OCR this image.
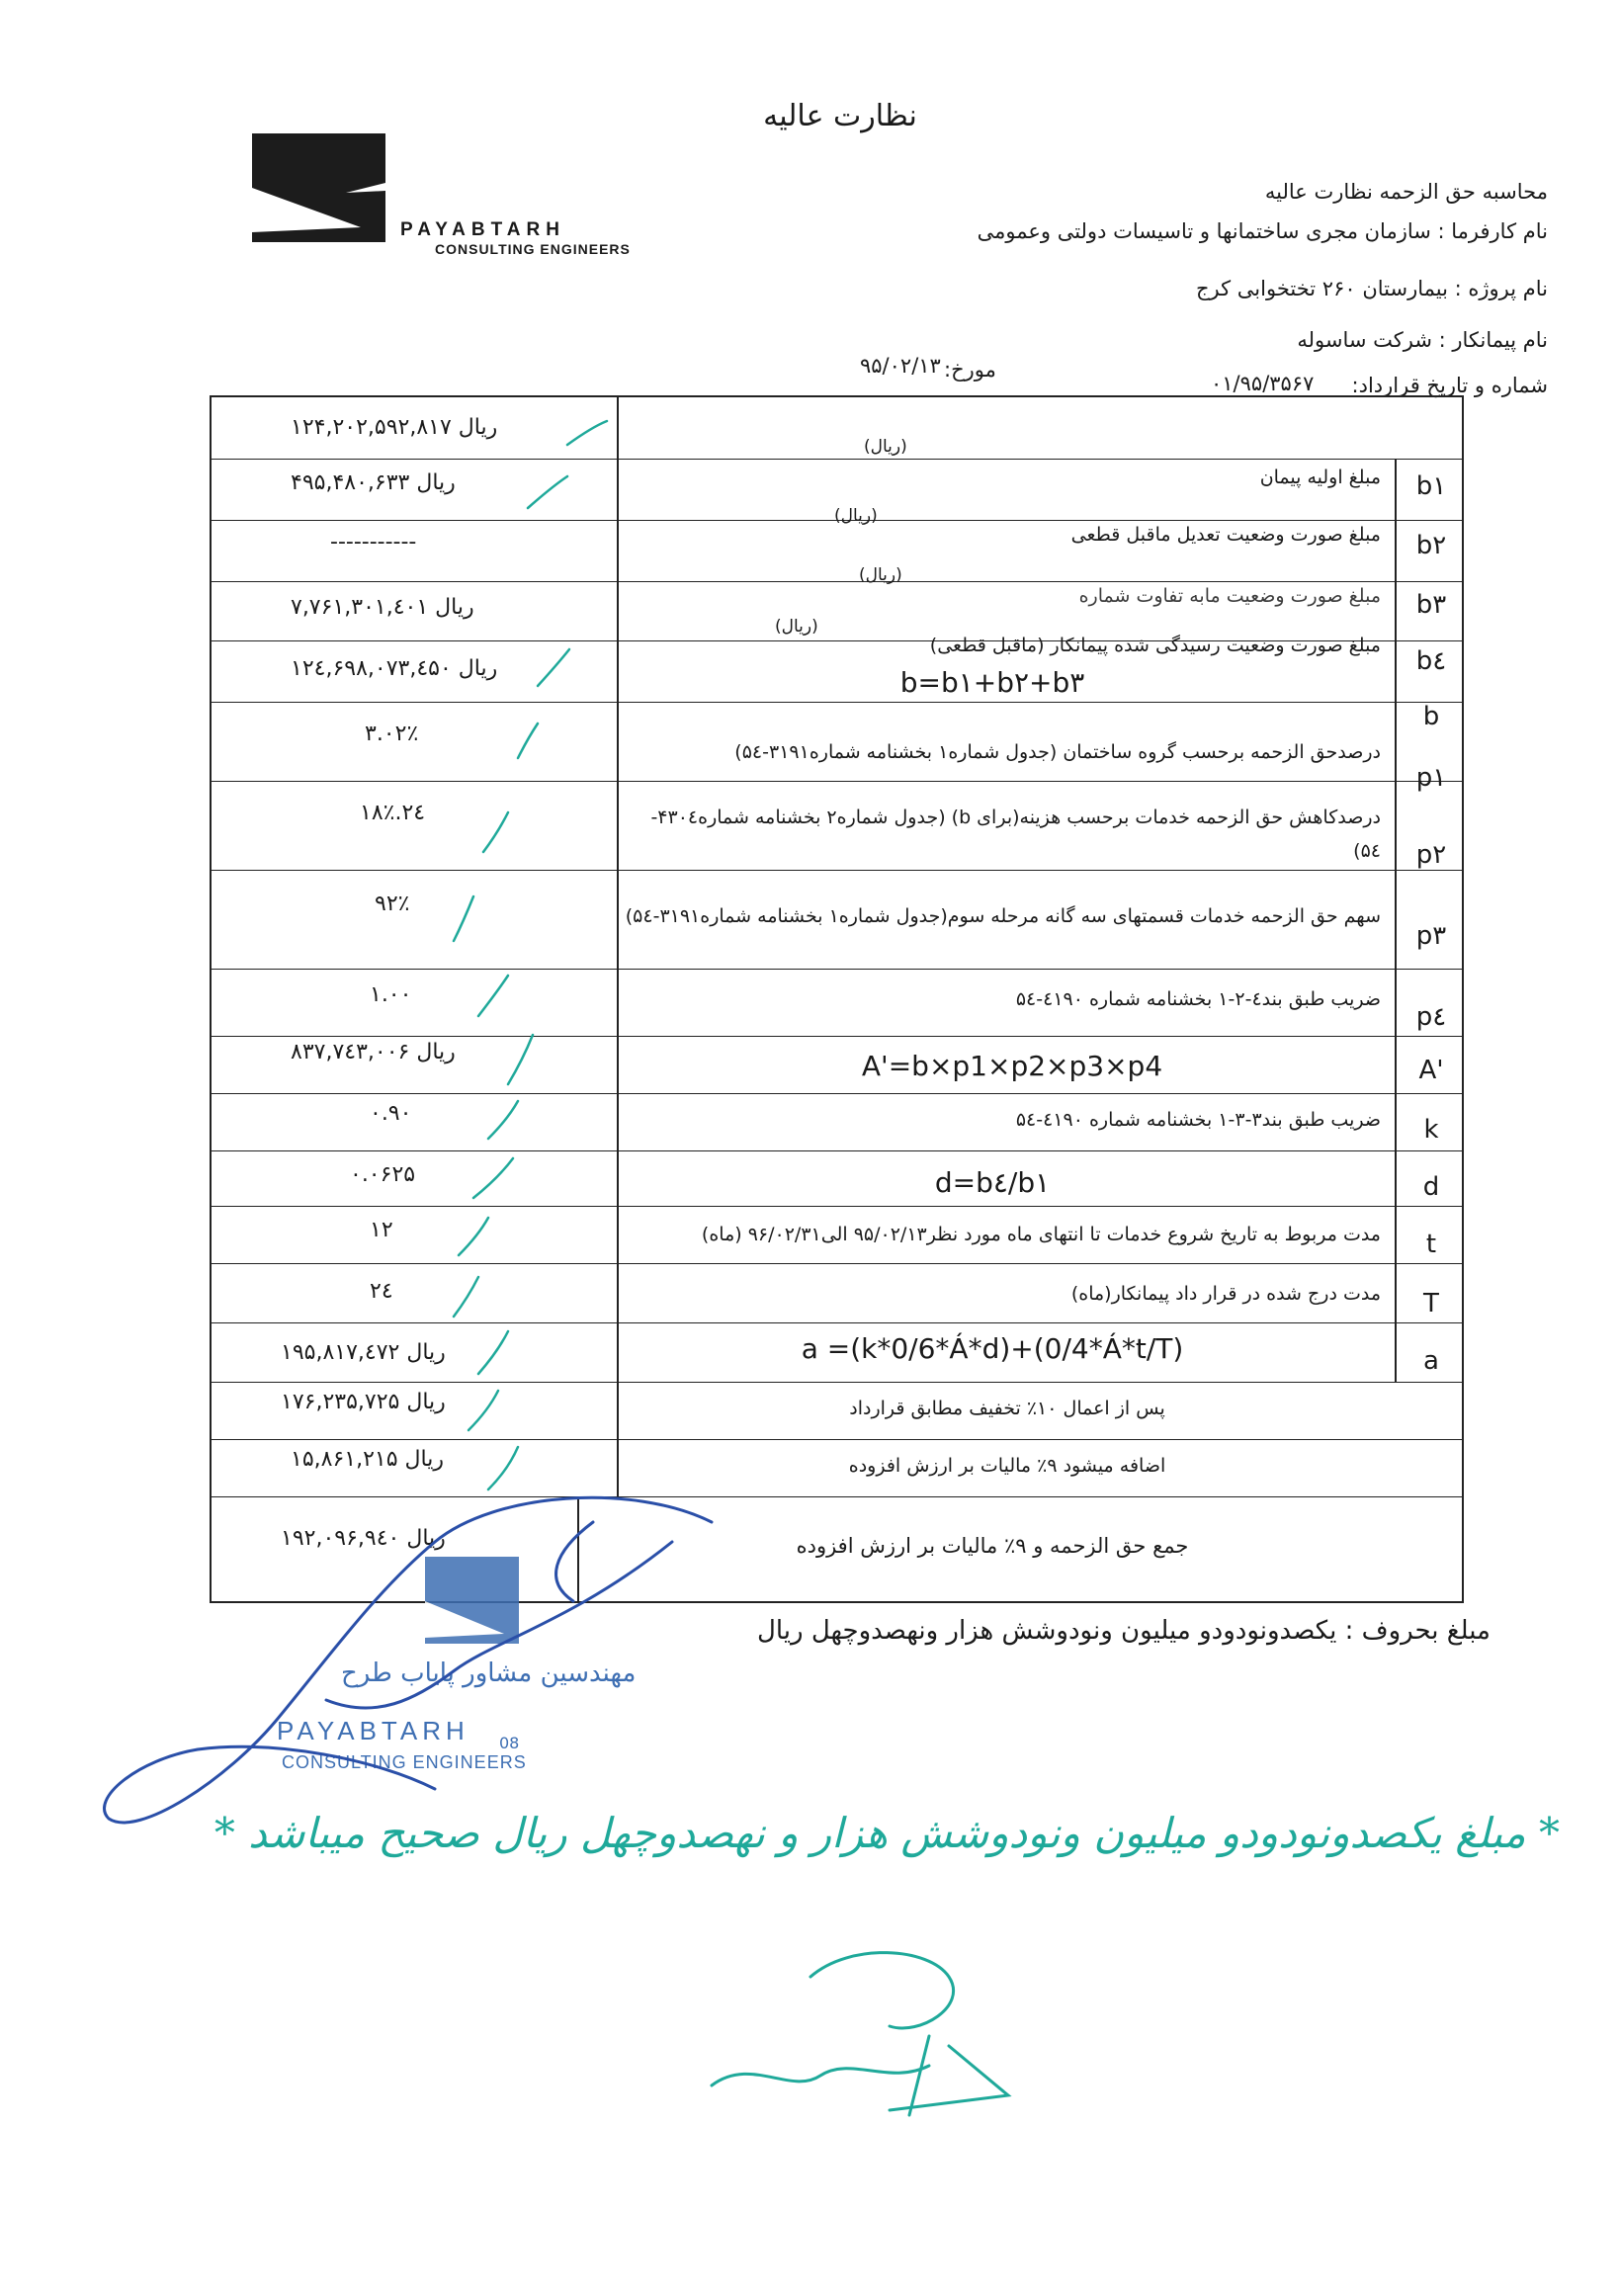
نظارت عالیه
PAYABTARH
CONSULTING ENGINEERS
محاسبه حق الزحمه نظارت عالیه
نام کارفرما : سازمان مجری ساختمانها و تاسیسات دولتی وعمومی
نام پروژه : بیمارستان ۲۶۰ تختخوابی کرج
نام پیمانکار : شرکت ساسوله
شماره و تاریخ قرارداد:
۰۱/۹۵/۳۵۶۷
مورخ:
۹۵/۰۲/۱۳
ریال ۱۲۴,۲۰۲,۵۹۲,۸۱۷
(ریال)
ریال ۴۹۵,۴۸۰,۶۳۳
-----------
ریال ۷,۷۶۱,۳۰۱,٤۰۱
ریال ۱۲٤,۶۹۸,۰۷۳,٤۵۰
۳.۰۲٪
۲٤.۱۸٪
۹۲٪
۱.۰۰
ریال ۸۳۷,۷٤۳,۰۰۶
۰.۹۰
۰.۰۶۲۵
۱۲
۲٤
ریال ۱۹۵,۸۱۷,٤۷۲
ریال ۱۷۶,۲۳۵,۷۲۵
ریال ۱۵,۸۶۱,۲۱۵
ریال ۱۹۲,۰۹۶,۹٤۰
مبلغ اولیه پیمان
مبلغ صورت وضعیت تعدیل ماقبل قطعی
(ریال)
مبلغ صورت وضعیت مابه تفاوت شماره
(ریال)
مبلغ صورت وضعیت رسیدگی شده پیمانکار (ماقبل قطعی)
(ریال)
b=b۱+b۲+b۳
درصدحق الزحمه برحسب گروه ساختمان (جدول شماره۱ بخشنامه شماره۳۱۹۱-۵٤)
درصدکاهش حق الزحمه خدمات برحسب هزینه(برای b) (جدول شماره۲ بخشنامه شماره۴۳۰٤-
۵٤)
سهم حق الزحمه خدمات قسمتهای سه گانه مرحله سوم(جدول شماره۱ بخشنامه شماره۳۱۹۱-۵٤)
ضریب طبق بند٤-۲-۱ بخشنامه شماره ٤۱۹۰-۵٤
A'=b×p1×p2×p3×p4
ضریب طبق بند۳-۳-۱ بخشنامه شماره ٤۱۹۰-۵٤
d=b٤/b۱
مدت مربوط به تاریخ شروع خدمات تا انتهای ماه مورد نظر۹۵/۰۲/۱۳ الی۹۶/۰۲/۳۱ (ماه)
مدت درج شده در قرار داد پیمانکار(ماه)
a =(k*0/6*Á*d)+(0/4*Á*t/T)
پس از اعمال ۱۰٪ تخفیف مطابق قرارداد
اضافه میشود ۹٪ مالیات بر ارزش افزوده
جمع حق الزحمه و ۹٪ مالیات بر ارزش افزوده
b۱
b۲
b۳
b٤
b
p۱
p۲
p۳
p٤
A'
k
d
t
T
a
مبلغ بحروف : یکصدونودودو میلیون ونودوشش هزار ونهصدوچهل ریال
مهندسین مشاور پایاب طرح
PAYABTARH
CONSULTING ENGINEERS
08
* مبلغ یکصدونودودو میلیون ونودوشش هزار و نهصدوچهل ریال صحیح میباشد *
